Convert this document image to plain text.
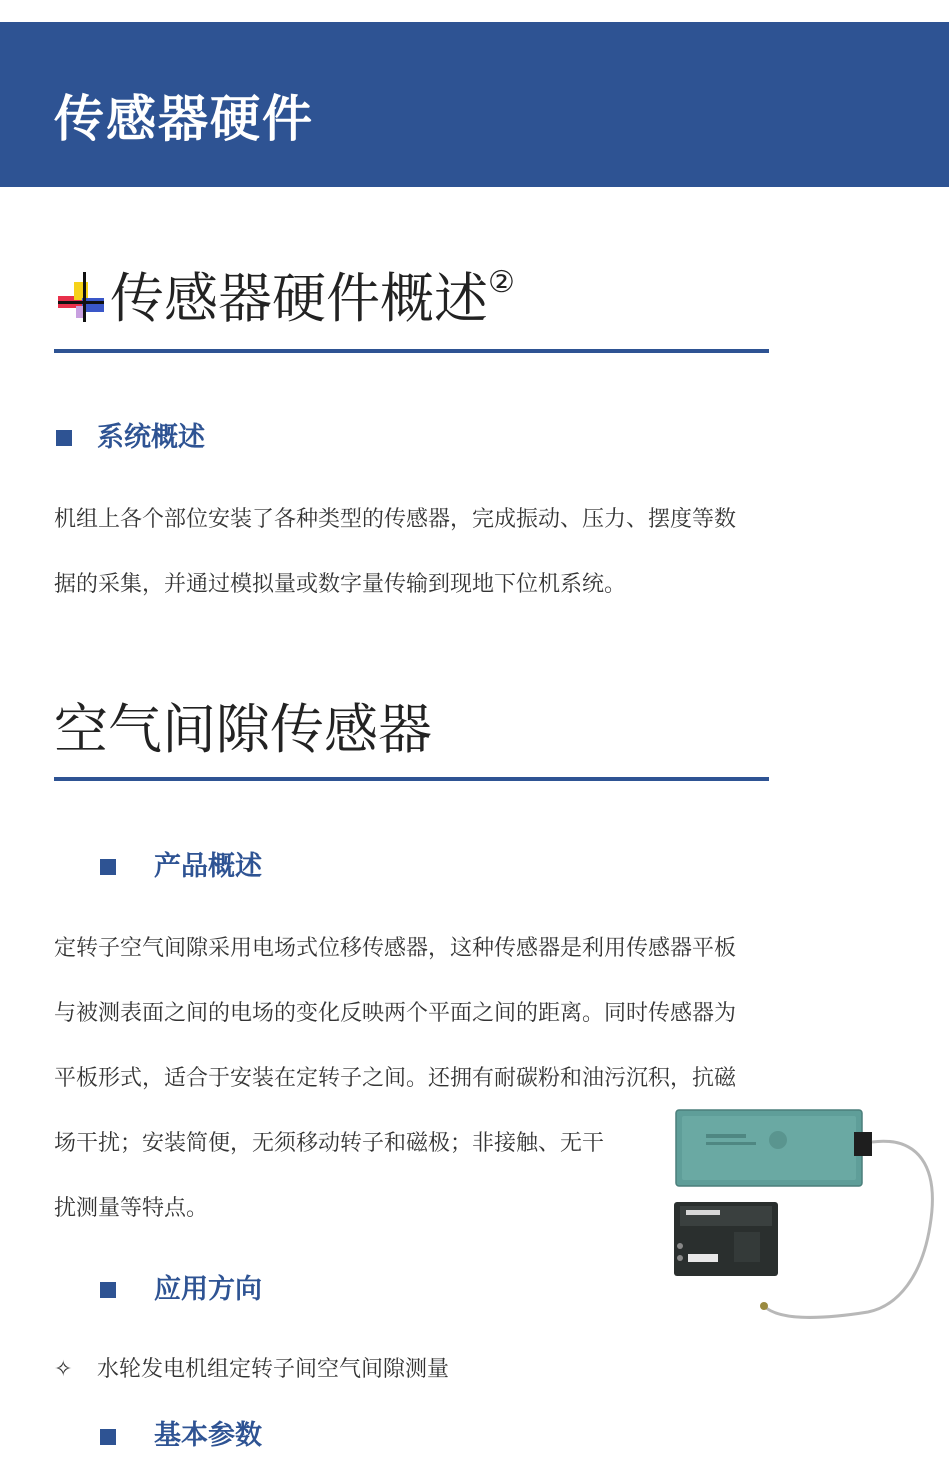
传感器硬件
传感器硬件概述②
系统概述
机组上各个部位安装了各种类型的传感器，完成振动、压力、摆度等数
据的采集，并通过模拟量或数字量传输到现地下位机系统。
空气间隙传感器
产品概述
定转子空气间隙采用电场式位移传感器，这种传感器是利用传感器平板
与被测表面之间的电场的变化反映两个平面之间的距离。同时传感器为
平板形式，适合于安装在定转子之间。还拥有耐碳粉和油污沉积，抗磁
场干扰；安装简便，无须移动转子和磁极；非接触、无干
扰测量等特点。
应用方向
✧ 水轮发电机组定转子间空气间隙测量
基本参数
